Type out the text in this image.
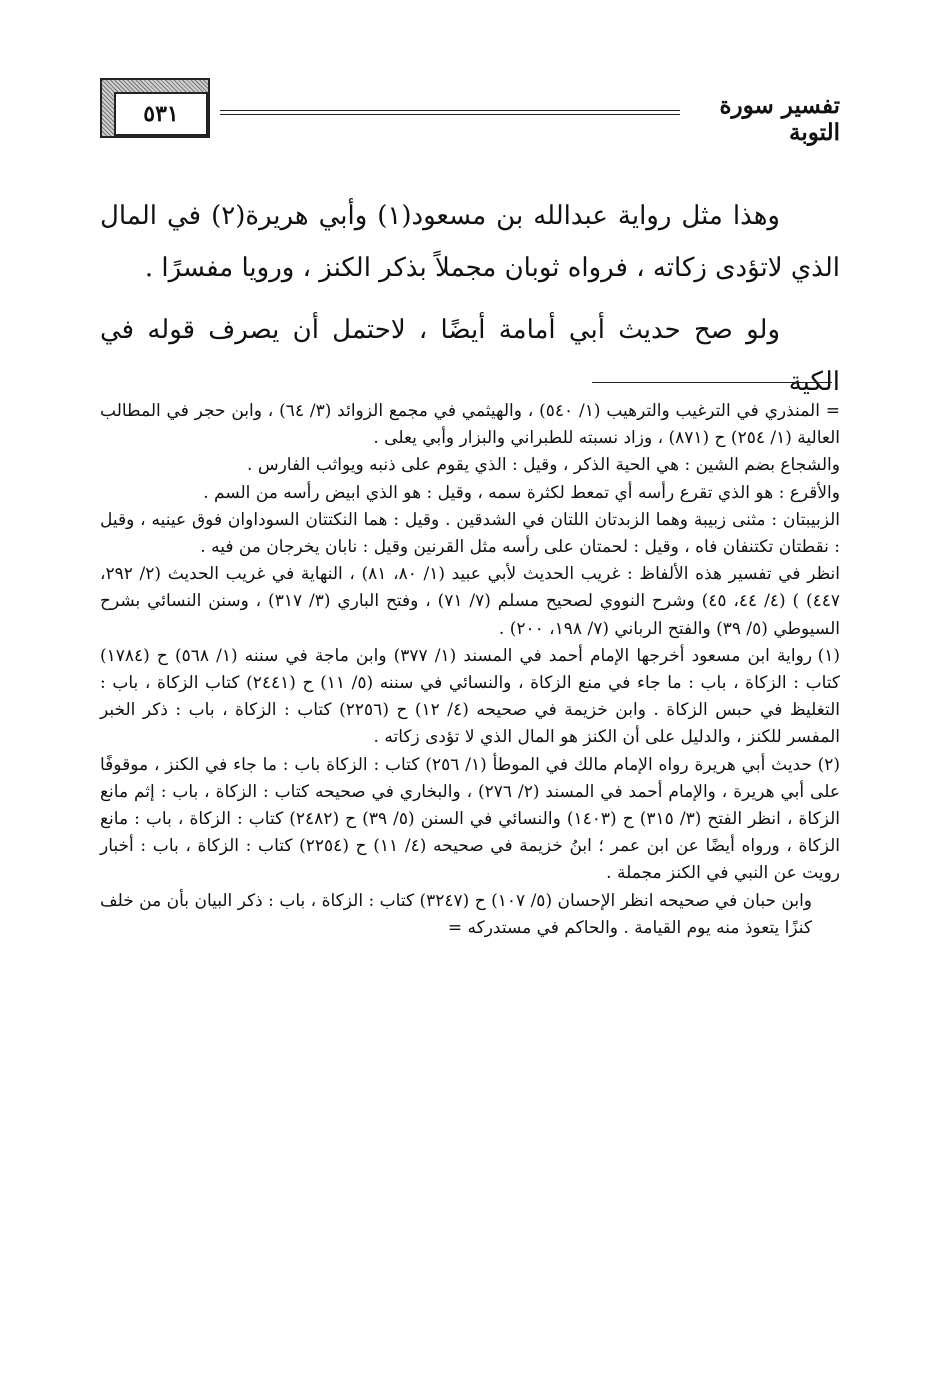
٥٣١	تفسير سورة التوبة

وهذا مثل رواية عبدالله بن مسعود(١) وأبي هريرة(٢) في المال الذي لاتؤدى زكاته ، فرواه ثوبان مجملاً بذكر الكنز ، ورويا مفسرًا .

ولو صح حديث أبي أمامة أيضًا ، لاحتمل أن يصرف قوله في الكية

= المنذري في الترغيب والترهيب (١/ ٥٤٠) ، والهيثمي في مجمع الزوائد (٣/ ٦٤) ، وابن حجر في المطالب العالية (١/ ٢٥٤) ح (٨٧١) ، وزاد نسبته للطبراني والبزار وأبي يعلى .

والشجاع بضم الشين : هي الحية الذكر ، وقيل : الذي يقوم على ذنبه ويواثب الفارس .

والأقرع : هو الذي تقرع رأسه أي تمعط لكثرة سمه ، وقيل : هو الذي ابيض رأسه من السم .

الزبيبتان : مثنى زبيبة وهما الزبدتان اللتان في الشدقين . وقيل : هما النكتتان السوداوان فوق عينيه ، وقيل : نقطتان تكتنفان فاه ، وقيل : لحمتان على رأسه مثل القرنين وقيل : نابان يخرجان من فيه .

انظر في تفسير هذه الألفاظ : غريب الحديث لأبي عبيد (١/ ٨٠، ٨١) ، النهاية في غريب الحديث (٢/ ٢٩٢، ٤٤٧) ) (٤/ ٤٤، ٤٥) وشرح النووي لصحيح مسلم (٧/ ٧١) ، وفتح الباري (٣/ ٣١٧) ، وسنن النسائي بشرح السيوطي (٥/ ٣٩) والفتح الرباني (٧/ ١٩٨، ٢٠٠) .

(١)رواية ابن مسعود أخرجها الإمام أحمد في المسند (١/ ٣٧٧) وابن ماجة في سننه (١/ ٥٦٨) ح (١٧٨٤) كتاب : الزكاة ، باب : ما جاء في منع الزكاة ، والنسائي في سننه (٥/ ١١) ح (٢٤٤١) كتاب الزكاة ، باب : التغليظ في حبس الزكاة . وابن خزيمة في صحيحه (٤/ ١٢) ح (٢٢٥٦) كتاب : الزكاة ، باب : ذكر الخبر المفسر للكنز ، والدليل على أن الكنز هو المال الذي لا تؤدى زكاته .

(٢)حديث أبي هريرة رواه الإمام مالك في الموطأ (١/ ٢٥٦) كتاب : الزكاة باب : ما جاء في الكنز ، موقوفًا على أبي هريرة ، والإمام أحمد في المسند (٢/ ٢٧٦) ، والبخاري في صحيحه كتاب : الزكاة ، باب : إثم مانع الزكاة ، انظر الفتح (٣/ ٣١٥) ح (١٤٠٣) والنسائي في السنن (٥/ ٣٩) ح (٢٤٨٢) كتاب : الزكاة ، باب : مانع الزكاة ، ورواه أيضًا عن ابن عمر ؛ ابنُ خزيمة في صحيحه (٤/ ١١) ح (٢٢٥٤) كتاب : الزكاة ، باب : أخبار رويت عن النبي في الكنز مجملة .

وابن حبان في صحيحه انظر الإحسان (٥/ ١٠٧) ح (٣٢٤٧) كتاب : الزكاة ، باب : ذكر البيان بأن من خلف كنزًا يتعوذ منه يوم القيامة . والحاكم في مستدركه =
